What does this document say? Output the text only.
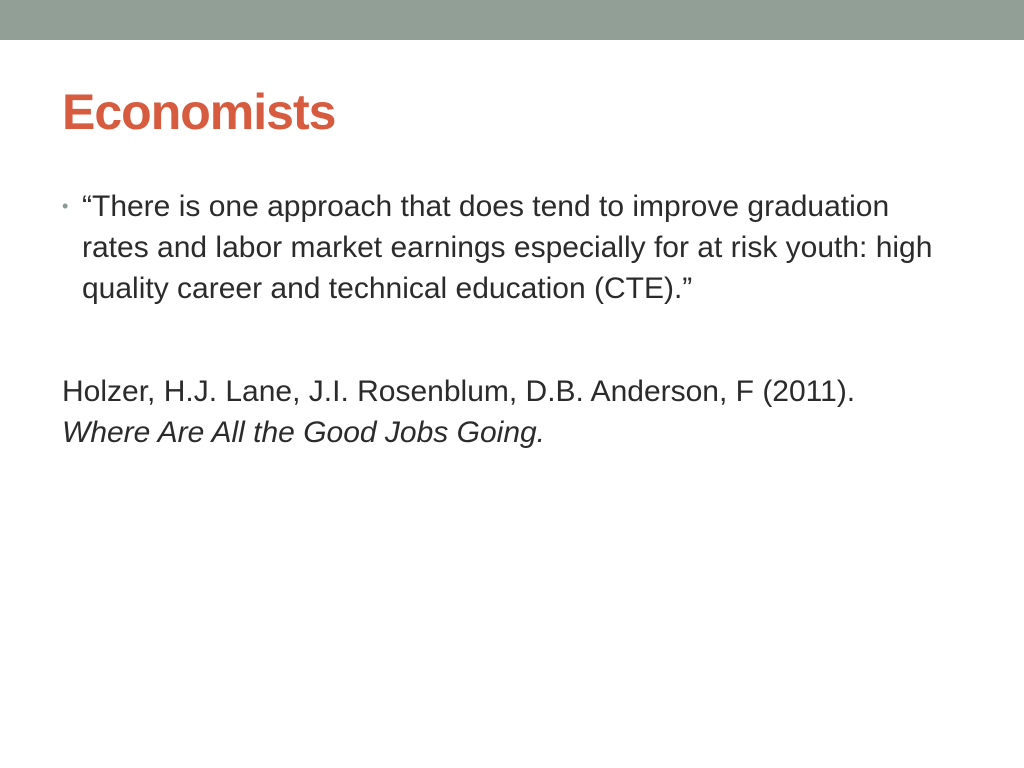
Economists
• “There is one approach that does tend to improve graduation rates and labor market earnings especially for at risk youth: high quality career and technical education (CTE).”
Holzer, H.J. Lane, J.I. Rosenblum, D.B. Anderson, F (2011). Where Are All the Good Jobs Going.
